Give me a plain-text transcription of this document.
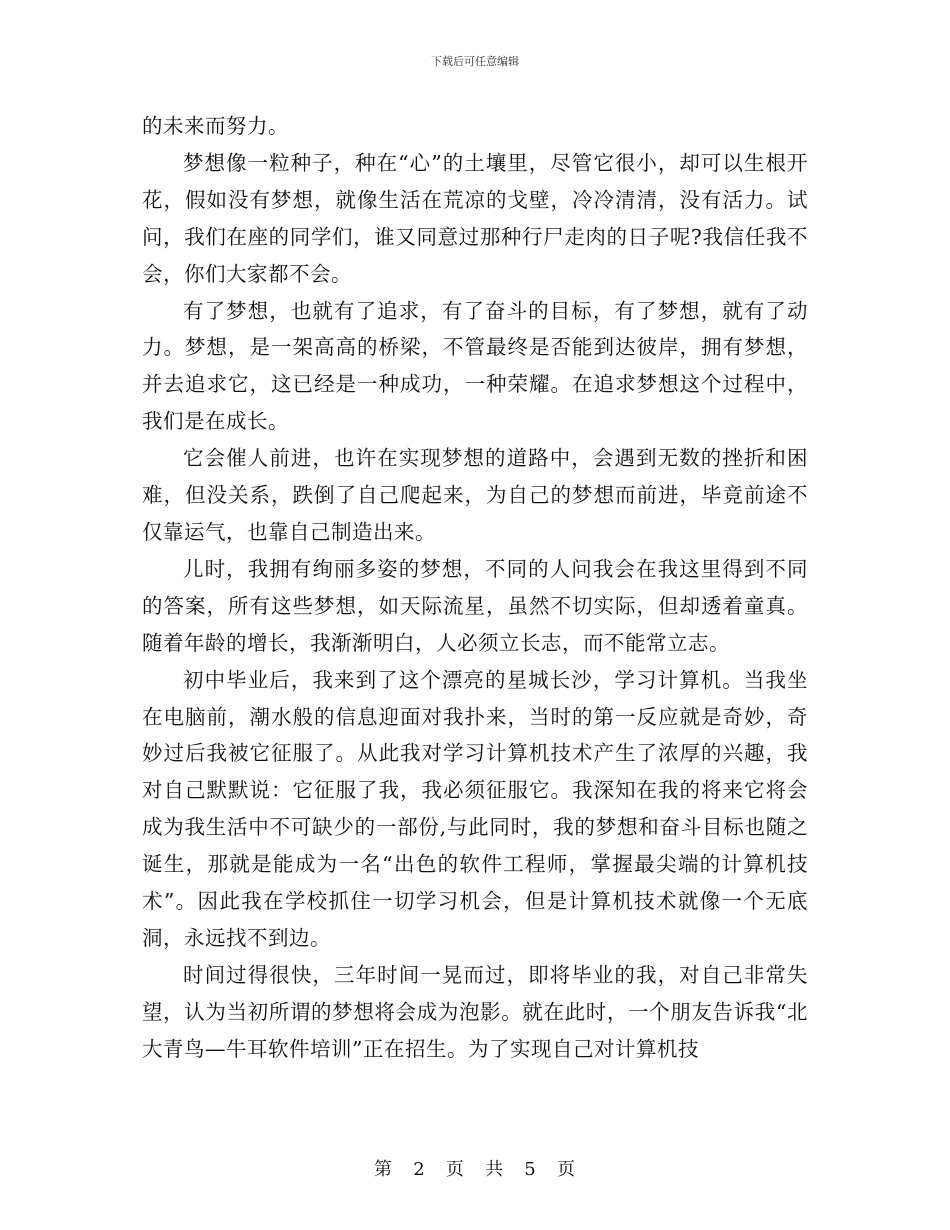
下载后可任意编辑

的未来而努力。

梦想像一粒种子，种在“心”的土壤里，尽管它很小，却可以生根开花，假如没有梦想，就像生活在荒凉的戈壁，冷冷清清，没有活力。试问，我们在座的同学们，谁又同意过那种行尸走肉的日子呢?我信任我不会，你们大家都不会。

有了梦想，也就有了追求，有了奋斗的目标，有了梦想，就有了动力。梦想，是一架高高的桥梁，不管最终是否能到达彼岸，拥有梦想，并去追求它，这已经是一种成功，一种荣耀。在追求梦想这个过程中，我们是在成长。

它会催人前进，也许在实现梦想的道路中，会遇到无数的挫折和困难，但没关系，跌倒了自己爬起来，为自己的梦想而前进，毕竟前途不仅靠运气，也靠自己制造出来。

儿时，我拥有绚丽多姿的梦想，不同的人问我会在我这里得到不同的答案，所有这些梦想，如天际流星，虽然不切实际，但却透着童真。随着年龄的增长，我渐渐明白，人必须立长志，而不能常立志。

初中毕业后，我来到了这个漂亮的星城长沙，学习计算机。当我坐在电脑前，潮水般的信息迎面对我扑来，当时的第一反应就是奇妙，奇妙过后我被它征服了。从此我对学习计算机技术产生了浓厚的兴趣，我对自己默默说：它征服了我，我必须征服它。我深知在我的将来它将会成为我生活中不可缺少的一部份,与此同时，我的梦想和奋斗目标也随之诞生，那就是能成为一名“出色的软件工程师，掌握最尖端的计算机技术”。因此我在学校抓住一切学习机会，但是计算机技术就像一个无底洞，永远找不到边。

时间过得很快，三年时间一晃而过，即将毕业的我，对自己非常失望，认为当初所谓的梦想将会成为泡影。就在此时，一个朋友告诉我“北大青鸟—牛耳软件培训”正在招生。为了实现自己对计算机技

第 2 页 共 5 页
